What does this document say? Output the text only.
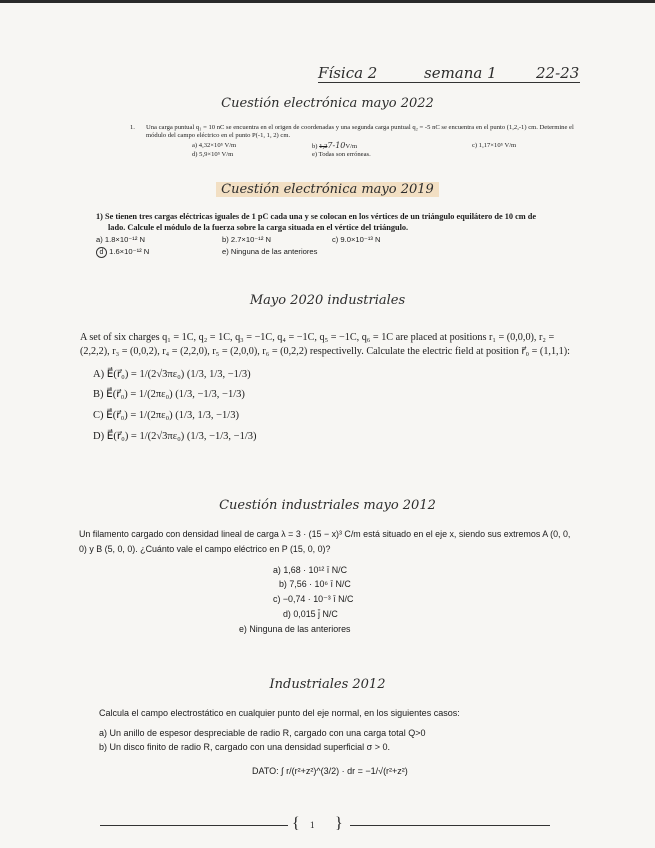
Física 2	semana 1	22-23
Cuestión electrónica mayo 2022
1.	Una carga puntual q₁ = 10 nC se encuentra en el origen de coordenadas y una segunda carga puntual q₂ = -5 nC se encuentra en el punto (1,2,-1) cm. Determine el módulo del campo eléctrico en el punto P(-1, 1, 2) cm.
a) 4,32×10⁵ V/m	b) 1,27-10V/m	c) 1,17×10⁵ V/m
d) 5,9×10⁵ V/m	e) Todas son erróneas.
Cuestión electrónica mayo 2019
1) Se tienen tres cargas eléctricas iguales de 1 pC cada una y se colocan en los vértices de un triángulo equilátero de 10 cm de lado. Calcule el módulo de la fuerza sobre la carga situada en el vértice del triángulo.
a) 1.8×10⁻¹² N	b) 2.7×10⁻¹² N	c) 9.0×10⁻¹³ N
d 1.6×10⁻¹² N	e) Ninguna de las anteriores
Mayo 2020 industriales
A set of six charges q₁ = 1C, q₂ = 1C, q₃ = −1C, q₄ = −1C, q₅ = −1C, q₆ = 1C are placed at positions r₁ = (0,0,0), r₂ = (2,2,2), r₃ = (0,0,2), r₄ = (2,2,0), r₅ = (2,0,0), r₆ = (0,2,2) respectivelly. Calculate the electric field at position r⃗₀ = (1,1,1):
A) E⃗(r⃗₀) = 1/(2√3πε₀) (1/3, 1/3, −1/3)
B) E⃗(r⃗₀) = 1/(2πε₀) (1/3, −1/3, −1/3)
C) E⃗(r⃗₀) = 1/(2πε₀) (1/3, 1/3, −1/3)
D) E⃗(r⃗₀) = 1/(2√3πε₀) (1/3, −1/3, −1/3)
Cuestión industriales mayo 2012
Un filamento cargado con densidad lineal de carga λ = 3 · (15 − x)³ C/m está situado en el eje x, siendo sus extremos A (0, 0, 0) y B (5, 0, 0). ¿Cuánto vale el campo eléctrico en P (15, 0, 0)?
a) 1,68 · 10¹² ī N/C
b) 7,56 · 10⁶ ī N/C
c) −0,74 · 10⁻³ ī N/C
d) 0,015 j̄ N/C
e) Ninguna de las anteriores
Industriales 2012
Calcula el campo electrostático en cualquier punto del eje normal, en los siguientes casos:
a) Un anillo de espesor despreciable de radio R, cargado con una carga total Q>0
b) Un disco finito de radio R, cargado con una densidad superficial σ > 0.
DATO: ∫ r/(r²+z²)^(3/2) · dr = −1/√(r²+z²)
{ 1 }
